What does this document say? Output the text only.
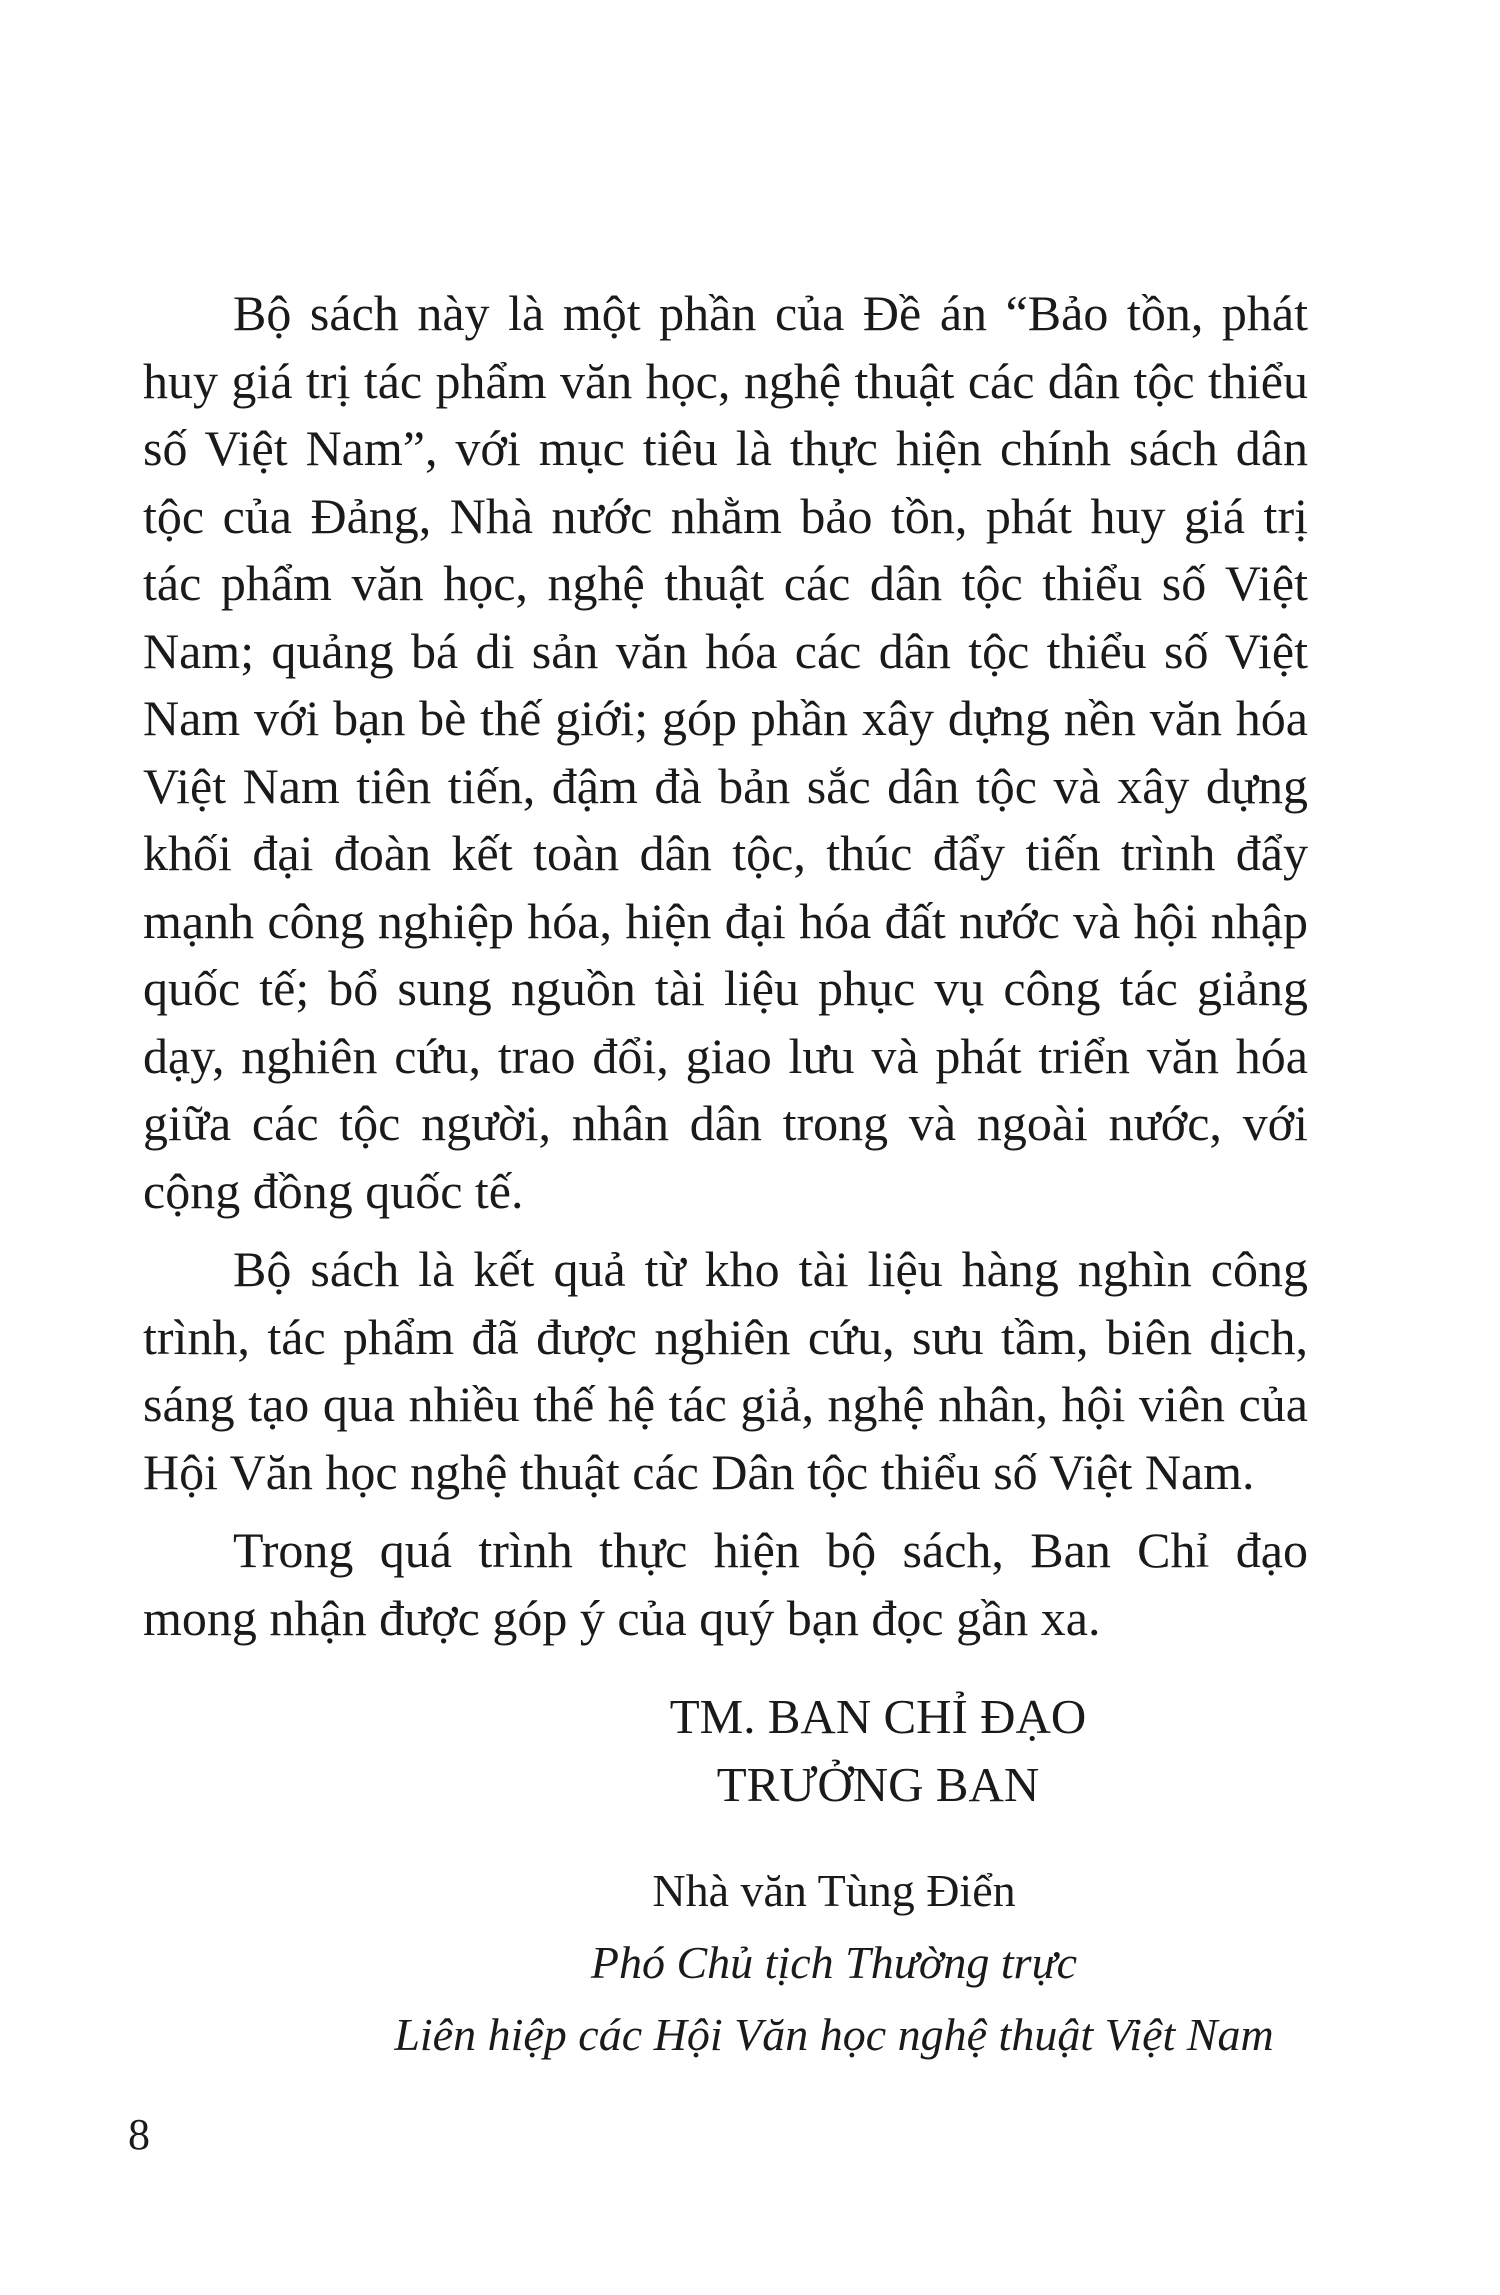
Bộ sách này là một phần của Đề án “Bảo tồn, phát huy giá trị tác phẩm văn học, nghệ thuật các dân tộc thiểu số Việt Nam”, với mục tiêu là thực hiện chính sách dân tộc của Đảng, Nhà nước nhằm bảo tồn, phát huy giá trị tác phẩm văn học, nghệ thuật các dân tộc thiểu số Việt Nam; quảng bá di sản văn hóa các dân tộc thiểu số Việt Nam với bạn bè thế giới; góp phần xây dựng nền văn hóa Việt Nam tiên tiến, đậm đà bản sắc dân tộc và xây dựng khối đại đoàn kết toàn dân tộc, thúc đẩy tiến trình đẩy mạnh công nghiệp hóa, hiện đại hóa đất nước và hội nhập quốc tế; bổ sung nguồn tài liệu phục vụ công tác giảng dạy, nghiên cứu, trao đổi, giao lưu và phát triển văn hóa giữa các tộc người, nhân dân trong và ngoài nước, với cộng đồng quốc tế.

Bộ sách là kết quả từ kho tài liệu hàng nghìn công trình, tác phẩm đã được nghiên cứu, sưu tầm, biên dịch, sáng tạo qua nhiều thế hệ tác giả, nghệ nhân, hội viên của Hội Văn học nghệ thuật các Dân tộc thiểu số Việt Nam.

Trong quá trình thực hiện bộ sách, Ban Chỉ đạo mong nhận được góp ý của quý bạn đọc gần xa.

TM. BAN CHỈ ĐẠO
TRƯỞNG BAN
Nhà văn Tùng Điển
Phó Chủ tịch Thường trực
Liên hiệp các Hội Văn học nghệ thuật Việt Nam
8
